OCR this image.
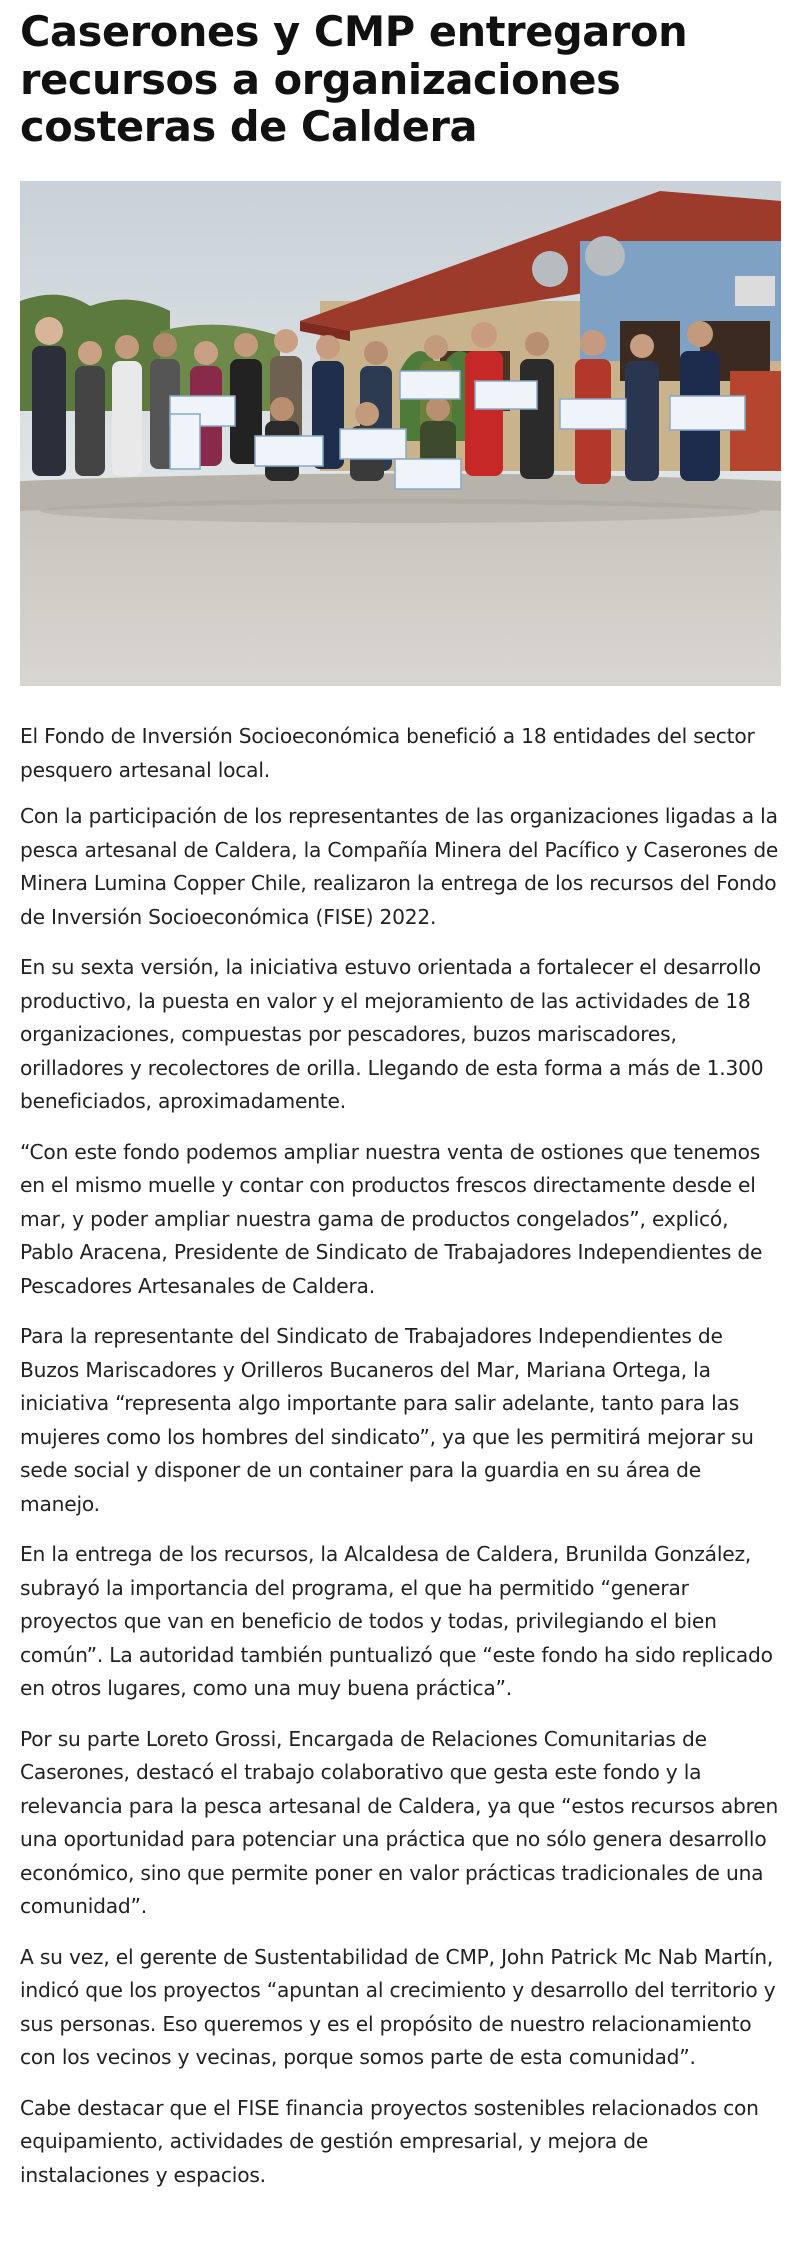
Caserones y CMP entregaron recursos a organizaciones costeras de Caldera

El Fondo de Inversión Socioeconómica benefició a 18 entidades del sector pesquero artesanal local.

Con la participación de los representantes de las organizaciones ligadas a la pesca artesanal de Caldera, la Compañía Minera del Pacífico y Caserones de Minera Lumina Copper Chile, realizaron la entrega de los recursos del Fondo de Inversión Socioeconómica (FISE) 2022.

En su sexta versión, la iniciativa estuvo orientada a fortalecer el desarrollo productivo, la puesta en valor y el mejoramiento de las actividades de 18 organizaciones, compuestas por pescadores, buzos mariscadores, orilladores y recolectores de orilla. Llegando de esta forma a más de 1.300 beneficiados, aproximadamente.

“Con este fondo podemos ampliar nuestra venta de ostiones que tenemos en el mismo muelle y contar con productos frescos directamente desde el mar, y poder ampliar nuestra gama de productos congelados”, explicó, Pablo Aracena, Presidente de Sindicato de Trabajadores Independientes de Pescadores Artesanales de Caldera.

Para la representante del Sindicato de Trabajadores Independientes de Buzos Mariscadores y Orilleros Bucaneros del Mar, Mariana Ortega, la iniciativa “representa algo importante para salir adelante, tanto para las mujeres como los hombres del sindicato”, ya que les permitirá mejorar su sede social y disponer de un container para la guardia en su área de manejo.

En la entrega de los recursos, la Alcaldesa de Caldera, Brunilda González, subrayó la importancia del programa, el que ha permitido “generar proyectos que van en beneficio de todos y todas, privilegiando el bien común”. La autoridad también puntualizó que “este fondo ha sido replicado en otros lugares, como una muy buena práctica”.

Por su parte Loreto Grossi, Encargada de Relaciones Comunitarias de Caserones, destacó el trabajo colaborativo que gesta este fondo y la relevancia para la pesca artesanal de Caldera, ya que “estos recursos abren una oportunidad para potenciar una práctica que no sólo genera desarrollo económico, sino que permite poner en valor prácticas tradicionales de una comunidad”.

A su vez, el gerente de Sustentabilidad de CMP, John Patrick Mc Nab Martín, indicó que los proyectos “apuntan al crecimiento y desarrollo del territorio y sus personas. Eso queremos y es el propósito de nuestro relacionamiento con los vecinos y vecinas, porque somos parte de esta comunidad”.

Cabe destacar que el FISE financia proyectos sostenibles relacionados con equipamiento, actividades de gestión empresarial, y mejora de instalaciones y espacios.
